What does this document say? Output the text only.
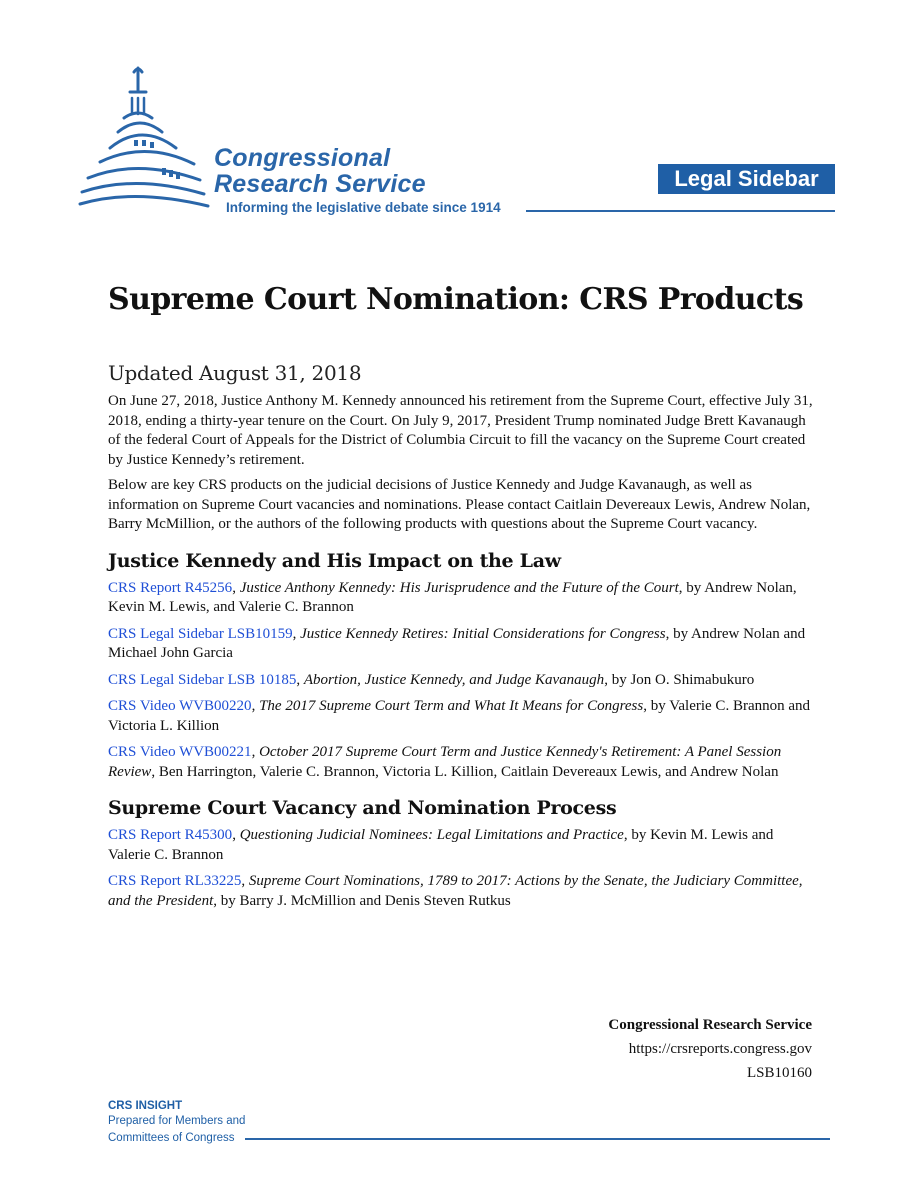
Congressional
Research Service
Informing the legislative debate since 1914
Legal Sidebar
Supreme Court Nomination: CRS Products
Updated August 31, 2018

On June 27, 2018, Justice Anthony M. Kennedy announced his retirement from the Supreme Court, effective July 31, 2018, ending a thirty-year tenure on the Court. On July 9, 2017, President Trump nominated Judge Brett Kavanaugh of the federal Court of Appeals for the District of Columbia Circuit to fill the vacancy on the Supreme Court created by Justice Kennedy’s retirement.

Below are key CRS products on the judicial decisions of Justice Kennedy and Judge Kavanaugh, as well as information on Supreme Court vacancies and nominations. Please contact Caitlain Devereaux Lewis, Andrew Nolan, Barry McMillion, or the authors of the following products with questions about the Supreme Court vacancy.

Justice Kennedy and His Impact on the Law
CRS Report R45256, Justice Anthony Kennedy: His Jurisprudence and the Future of the Court, by Andrew Nolan, Kevin M. Lewis, and Valerie C. Brannon
CRS Legal Sidebar LSB10159, Justice Kennedy Retires: Initial Considerations for Congress, by Andrew Nolan and Michael John Garcia
CRS Legal Sidebar LSB 10185, Abortion, Justice Kennedy, and Judge Kavanaugh, by Jon O. Shimabukuro
CRS Video WVB00220, The 2017 Supreme Court Term and What It Means for Congress, by Valerie C. Brannon and Victoria L. Killion
CRS Video WVB00221, October 2017 Supreme Court Term and Justice Kennedy's Retirement: A Panel Session Review, Ben Harrington, Valerie C. Brannon, Victoria L. Killion, Caitlain Devereaux Lewis, and Andrew Nolan
Supreme Court Vacancy and Nomination Process
CRS Report R45300, Questioning Judicial Nominees: Legal Limitations and Practice, by Kevin M. Lewis and Valerie C. Brannon
CRS Report RL33225, Supreme Court Nominations, 1789 to 2017: Actions by the Senate, the Judiciary Committee, and the President, by Barry J. McMillion and Denis Steven Rutkus
Congressional Research Service
https://crsreports.congress.gov
LSB10160
CRS INSIGHT
Prepared for Members and
Committees of Congress
